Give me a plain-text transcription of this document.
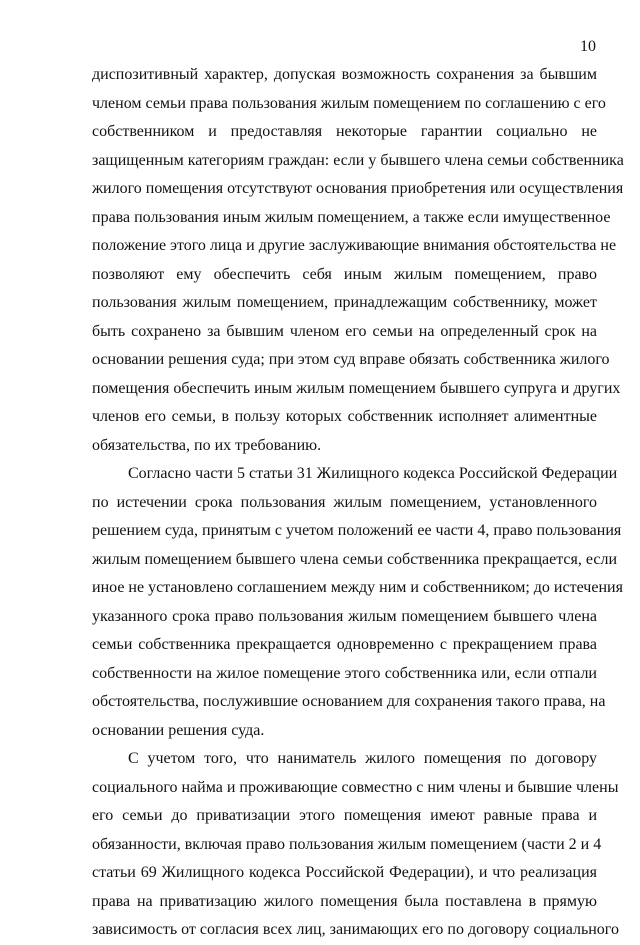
10
диспозитивный характер, допуская возможность сохранения за бывшим
членом семьи права пользования жилым помещением по соглашению с его
собственником и предоставляя некоторые гарантии социально не
защищенным категориям граждан: если у бывшего члена семьи собственника
жилого помещения отсутствуют основания приобретения или осуществления
права пользования иным жилым помещением, а также если имущественное
положение этого лица и другие заслуживающие внимания обстоятельства не
позволяют ему обеспечить себя иным жилым помещением, право
пользования жилым помещением, принадлежащим собственнику, может
быть сохранено за бывшим членом его семьи на определенный срок на
основании решения суда; при этом суд вправе обязать собственника жилого
помещения обеспечить иным жилым помещением бывшего супруга и других
членов его семьи, в пользу которых собственник исполняет алиментные
обязательства, по их требованию.
Согласно части 5 статьи 31 Жилищного кодекса Российской Федерации
по истечении срока пользования жилым помещением, установленного
решением суда, принятым с учетом положений ее части 4, право пользования
жилым помещением бывшего члена семьи собственника прекращается, если
иное не установлено соглашением между ним и собственником; до истечения
указанного срока право пользования жилым помещением бывшего члена
семьи собственника прекращается одновременно с прекращением права
собственности на жилое помещение этого собственника или, если отпали
обстоятельства, послужившие основанием для сохранения такого права, на
основании решения суда.
С учетом того, что наниматель жилого помещения по договору
социального найма и проживающие совместно с ним члены и бывшие члены
его семьи до приватизации этого помещения имеют равные права и
обязанности, включая право пользования жилым помещением (части 2 и 4
статьи 69 Жилищного кодекса Российской Федерации), и что реализация
права на приватизацию жилого помещения была поставлена в прямую
зависимость от согласия всех лиц, занимающих его по договору социального
